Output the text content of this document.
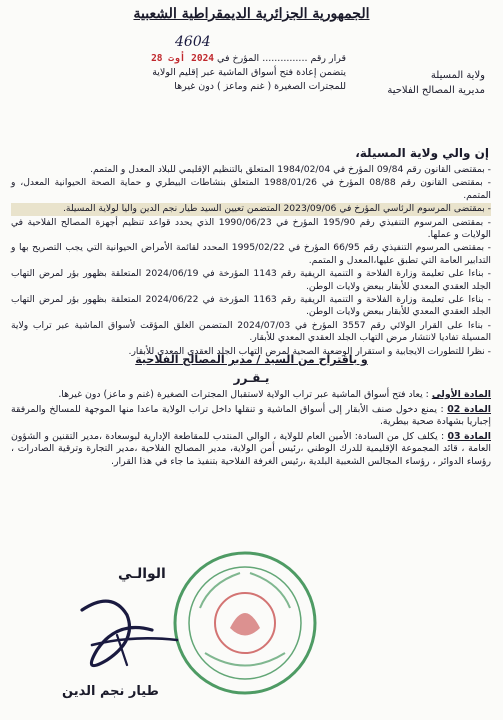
الجمهورية الجزائرية الديمقراطية الشعبية
4604
قرار رقم ............... المؤرخ في 2024 أوت 28
يتضمن إعادة فتح أسواق الماشية عبر إقليم الولاية
للمجترات الصغيرة ( غنم وماعز ) دون غيرها
ولاية المسيلة
مديرية المصالح الفلاحية
إن والي ولاية المسيلة،

- بمقتضى القانون رقم 09/84 المؤرخ في 1984/02/04 المتعلق بالتنظيم الإقليمي للبلاد المعدل و المتمم.

- بمقتضى القانون رقم 08/88 المؤرخ في 1988/01/26 المتعلق بنشاطات البيطري و حماية الصحة الحيوانية المعدل، و المتمم.

- بمقتضى المرسوم الرئاسي المؤرخ في 2023/09/06 المتضمن تعيين السيد طيار نجم الدين واليا لولاية المسيلة.

- بمقتضى المرسوم التنفيذي رقم 195/90 المؤرخ في 1990/06/23 الذي يحدد قواعد تنظيم أجهزة المصالح الفلاحية في الولايات و عملها.

- بمقتضى المرسوم التنفيذي رقم 66/95 المؤرخ في 1995/02/22 المحدد لقائمة الأمراض الحيوانية التي يجب التصريح بها و التدابير العامة التي تطبق عليها،المعدل و المتمم.

- بناءا على تعليمة وزارة الفلاحة و التنمية الريفية رقم 1143 المؤرخة في 2024/06/19 المتعلقة بظهور بؤر لمرض التهاب الجلد العقدي المعدي للأبقار ببعض ولايات الوطن.

- بناءا على تعليمة وزارة الفلاحة و التنمية الريفية رقم 1163 المؤرخة في 2024/06/22 المتعلقة بظهور بؤر لمرض التهاب الجلد العقدي المعدي للأبقار ببعض ولايات الوطن.

- بناءا على القرار الولائي رقم 3557 المؤرخ في 2024/07/03 المتضمن الغلق المؤقت لأسواق الماشية عبر تراب ولاية المسيلة تفاديا لانتشار مرض التهاب الجلد العقدي المعدي للأبقار.

- نظرا للتطورات الايجابية و استقرار الوضعية الصحية لمرض التهاب الجلد العقدي المعدي للأبقار.

و باقتراح من السيد / مدير المصالح الفلاحية
يـقـرر

المادة الأولى : يعاد فتح أسواق الماشية عبر تراب الولاية لاستقبال المجترات الصغيرة (غنم و ماعز) دون غيرها.

المادة 02 : يمنع دخول صنف الأبقار إلى أسواق الماشية و تنقلها داخل تراب الولاية ماعدا منها الموجهة للمسالخ والمرفقة إجباريا بشهادة صحية بيطرية.

المادة 03 : يكلف كل من السادة: الأمين العام للولاية ، الوالي المنتدب للمقاطعة الإدارية لبوسعادة ،مدير التقنين و الشؤون العامة ، قائد المجموعة الإقليمية للدرك الوطني ،رئيس أمن الولاية، مدير المصالح الفلاحية ،مدير التجارة وترقية الصادرات ، رؤساء الدوائر ، رؤساء المجالس الشعبية البلدية ،رئيس الغرفة الفلاحية بتنفيذ ما جاء في هذا القرار.

الوالـي
طيار نجم الدين
